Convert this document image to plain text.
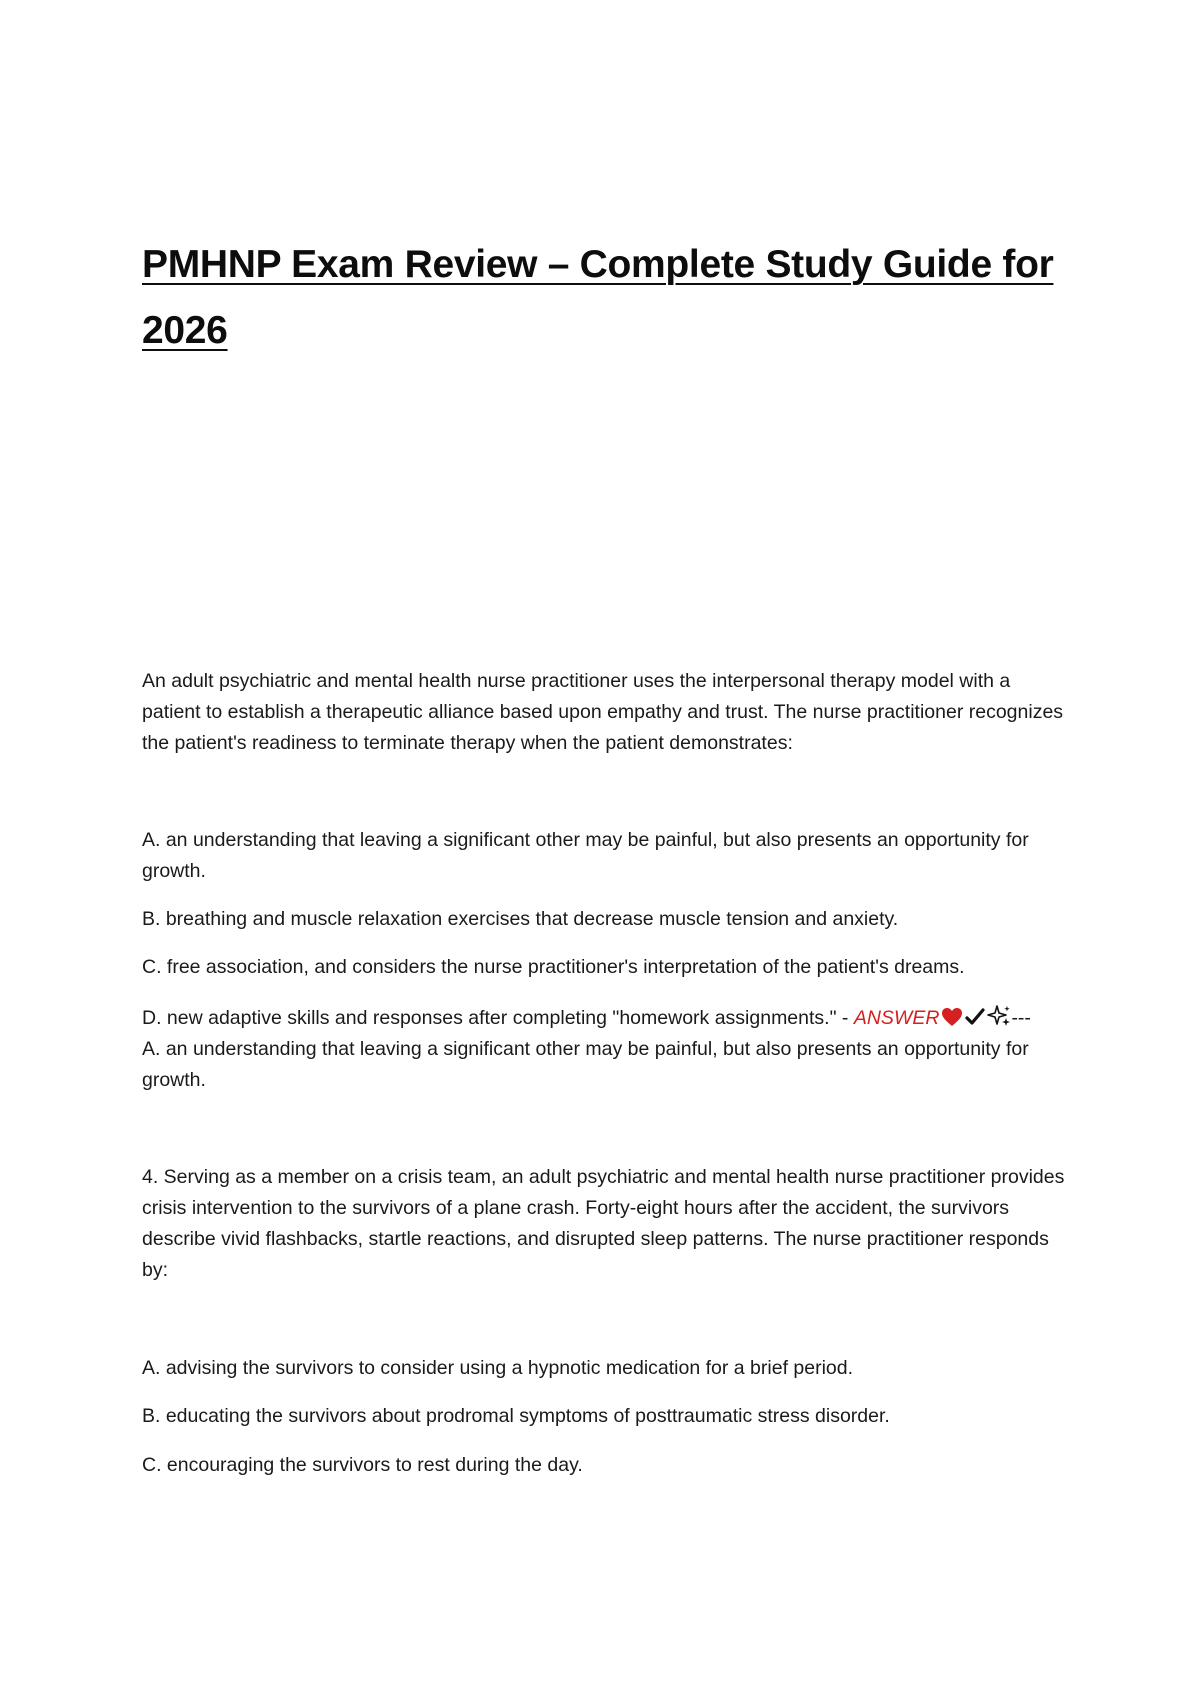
PMHNP Exam Review – Complete Study Guide for
2026

An adult psychiatric and mental health nurse practitioner uses the interpersonal therapy model with a patient to establish a therapeutic alliance based upon empathy and trust. The nurse practitioner recognizes the patient's readiness to terminate therapy when the patient demonstrates:

A. an understanding that leaving a significant other may be painful, but also presents an opportunity for growth.

B. breathing and muscle relaxation exercises that decrease muscle tension and anxiety.

C. free association, and considers the nurse practitioner's interpretation of the patient's dreams.

D. new adaptive skills and responses after completing "homework assignments." - ANSWER	---
A. an understanding that leaving a significant other may be painful, but also presents an opportunity for growth.

4. Serving as a member on a crisis team, an adult psychiatric and mental health nurse practitioner provides crisis intervention to the survivors of a plane crash. Forty-eight hours after the accident, the survivors describe vivid flashbacks, startle reactions, and disrupted sleep patterns. The nurse practitioner responds by:

A. advising the survivors to consider using a hypnotic medication for a brief period.

B. educating the survivors about prodromal symptoms of posttraumatic stress disorder.

C. encouraging the survivors to rest during the day.
